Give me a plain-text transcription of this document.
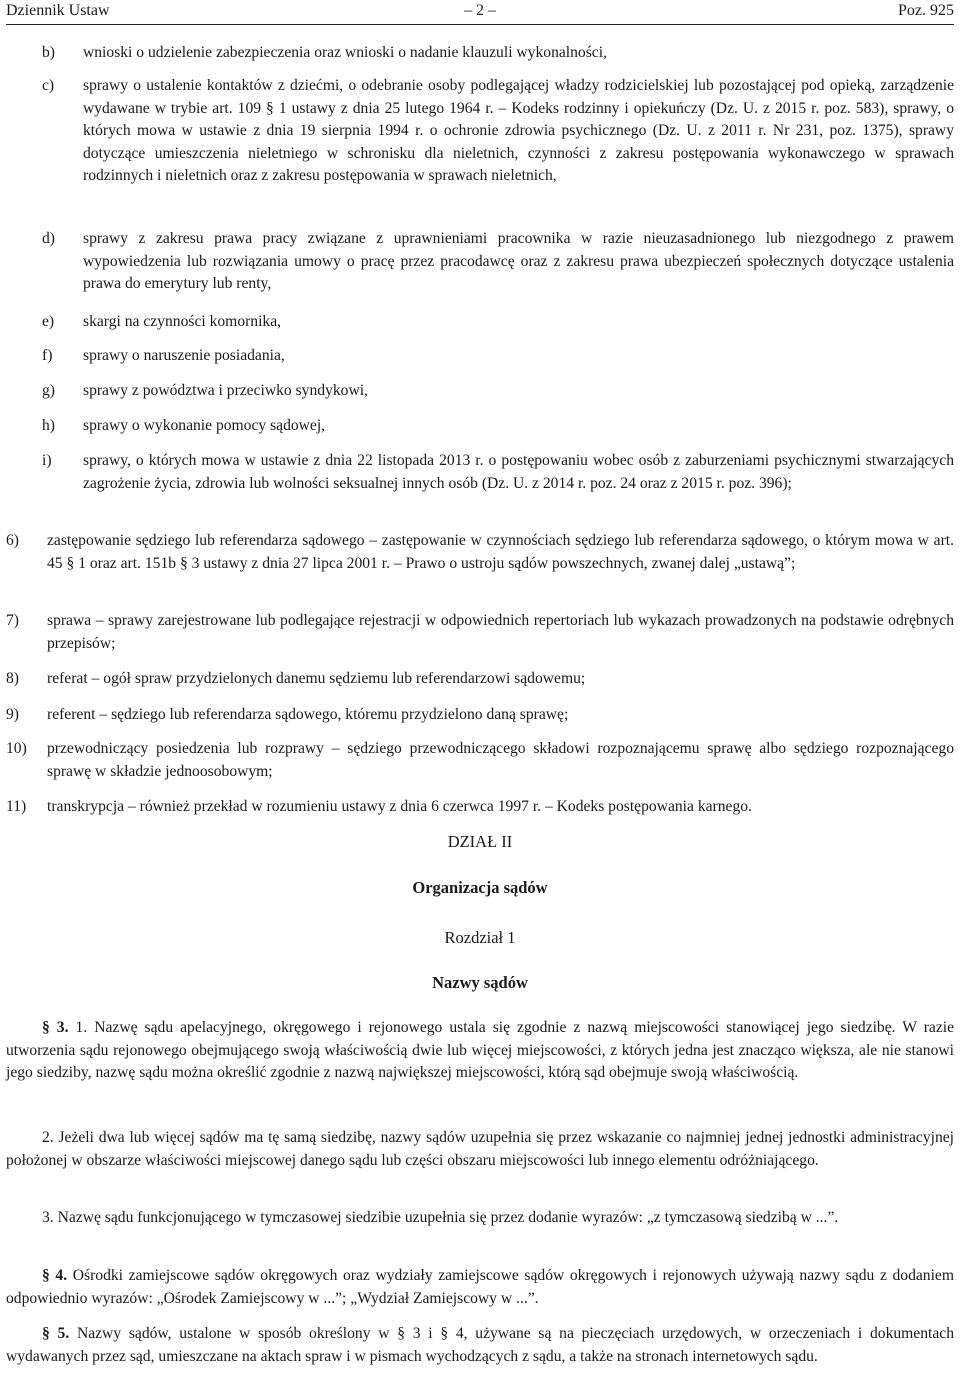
Dziennik Ustaw	– 2 –	Poz. 925
b) wnioski o udzielenie zabezpieczenia oraz wnioski o nadanie klauzuli wykonalności,
c) sprawy o ustalenie kontaktów z dziećmi, o odebranie osoby podlegającej władzy rodzicielskiej lub pozostającej pod opieką, zarządzenie wydawane w trybie art. 109 § 1 ustawy z dnia 25 lutego 1964 r. – Kodeks rodzinny i opiekuńczy (Dz. U. z 2015 r. poz. 583), sprawy, o których mowa w ustawie z dnia 19 sierpnia 1994 r. o ochronie zdrowia psychicznego (Dz. U. z 2011 r. Nr 231, poz. 1375), sprawy dotyczące umieszczenia nieletniego w schronisku dla nieletnich, czynności z zakresu postępowania wykonawczego w sprawach rodzinnych i nieletnich oraz z zakresu postępowania w sprawach nieletnich,
d) sprawy z zakresu prawa pracy związane z uprawnieniami pracownika w razie nieuzasadnionego lub niezgodnego z prawem wypowiedzenia lub rozwiązania umowy o pracę przez pracodawcę oraz z zakresu prawa ubezpieczeń społecznych dotyczące ustalenia prawa do emerytury lub renty,
e) skargi na czynności komornika,
f) sprawy o naruszenie posiadania,
g) sprawy z powództwa i przeciwko syndykowi,
h) sprawy o wykonanie pomocy sądowej,
i) sprawy, o których mowa w ustawie z dnia 22 listopada 2013 r. o postępowaniu wobec osób z zaburzeniami psychicznymi stwarzających zagrożenie życia, zdrowia lub wolności seksualnej innych osób (Dz. U. z 2014 r. poz. 24 oraz z 2015 r. poz. 396);
6) zastępowanie sędziego lub referendarza sądowego – zastępowanie w czynnościach sędziego lub referendarza sądowego, o którym mowa w art. 45 § 1 oraz art. 151b § 3 ustawy z dnia 27 lipca 2001 r. – Prawo o ustroju sądów powszechnych, zwanej dalej „ustawą”;
7) sprawa – sprawy zarejestrowane lub podlegające rejestracji w odpowiednich repertoriach lub wykazach prowadzonych na podstawie odrębnych przepisów;
8) referat – ogół spraw przydzielonych danemu sędziemu lub referendarzowi sądowemu;
9) referent – sędziego lub referendarza sądowego, któremu przydzielono daną sprawę;
10) przewodniczący posiedzenia lub rozprawy – sędziego przewodniczącego składowi rozpoznającemu sprawę albo sędziego rozpoznającego sprawę w składzie jednoosobowym;
11) transkrypcja – również przekład w rozumieniu ustawy z dnia 6 czerwca 1997 r. – Kodeks postępowania karnego.
DZIAŁ II
Organizacja sądów
Rozdział 1
Nazwy sądów
§ 3. 1. Nazwę sądu apelacyjnego, okręgowego i rejonowego ustala się zgodnie z nazwą miejscowości stanowiącej jego siedzibę. W razie utworzenia sądu rejonowego obejmującego swoją właściwością dwie lub więcej miejscowości, z których jedna jest znacząco większa, ale nie stanowi jego siedziby, nazwę sądu można określić zgodnie z nazwą największej miejscowości, którą sąd obejmuje swoją właściwością.
2. Jeżeli dwa lub więcej sądów ma tę samą siedzibę, nazwy sądów uzupełnia się przez wskazanie co najmniej jednej jednostki administracyjnej położonej w obszarze właściwości miejscowej danego sądu lub części obszaru miejscowości lub innego elementu odróżniającego.
3. Nazwę sądu funkcjonującego w tymczasowej siedzibie uzupełnia się przez dodanie wyrazów: „z tymczasową siedzibą w ...”.
§ 4. Ośrodki zamiejscowe sądów okręgowych oraz wydziały zamiejscowe sądów okręgowych i rejonowych używają nazwy sądu z dodaniem odpowiednio wyrazów: „Ośrodek Zamiejscowy w ...”; „Wydział Zamiejscowy w ...”.
§ 5. Nazwy sądów, ustalone w sposób określony w § 3 i § 4, używane są na pieczęciach urzędowych, w orzeczeniach i dokumentach wydawanych przez sąd, umieszczane na aktach spraw i w pismach wychodzących z sądu, a także na stronach internetowych sądu.
